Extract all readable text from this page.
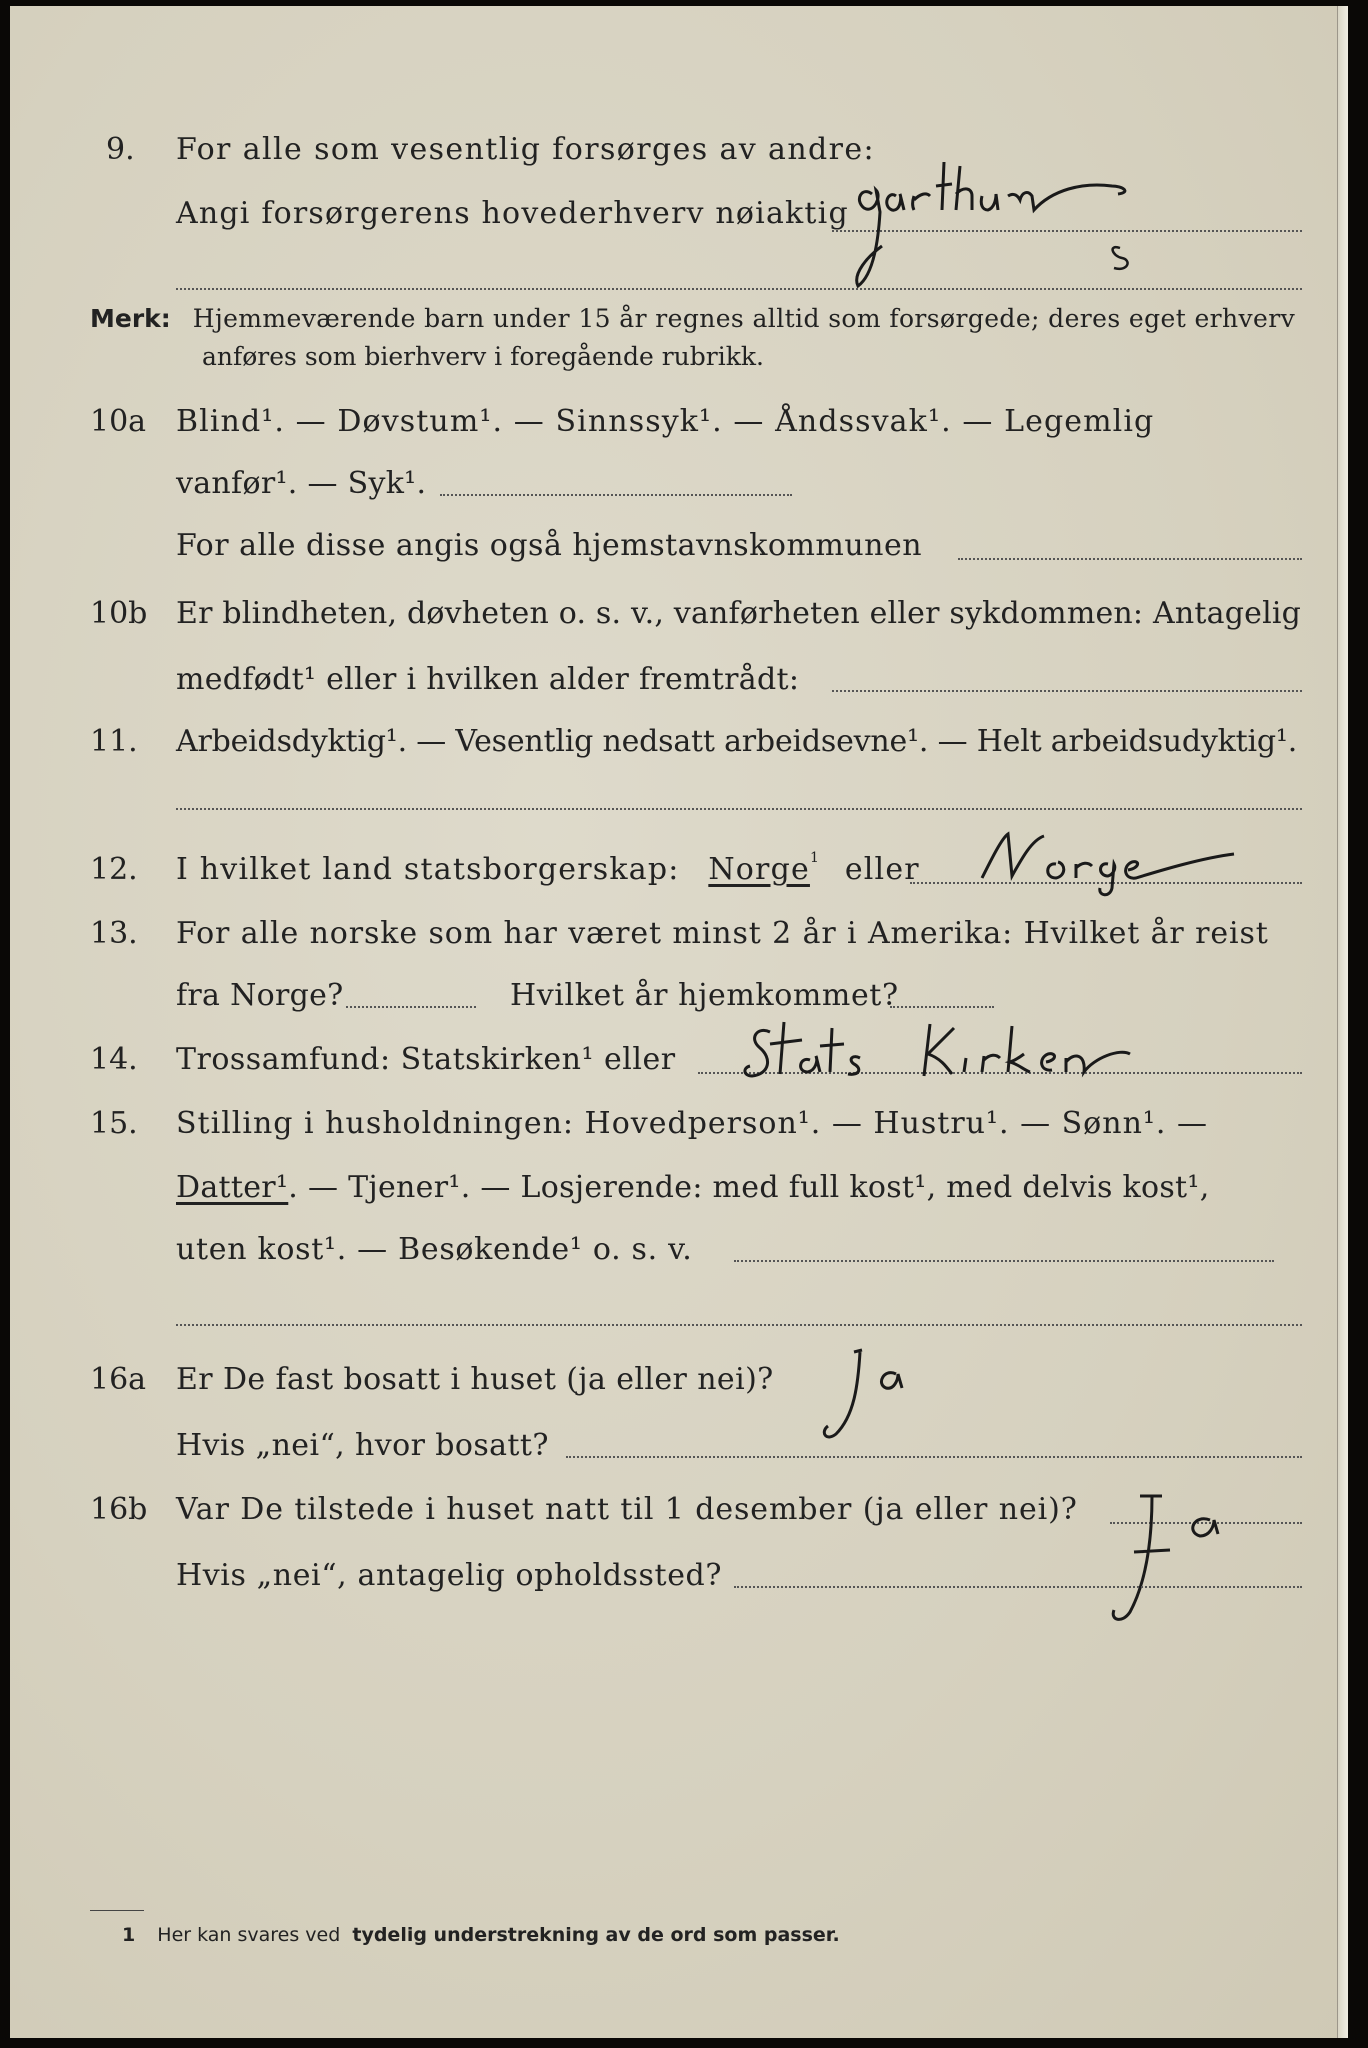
9. For alle som vesentlig forsørges av andre:
Angi forsørgerens hovederhverv nøiaktig
Merk: Hjemmeværende barn under 15 år regnes alltid som forsørgede; deres eget erhverv
anføres som bierhverv i foregående rubrikk.
10a Blind¹. — Døvstum¹. — Sinnssyk¹. — Åndssvak¹. — Legemlig
vanfør¹. — Syk¹.
For alle disse angis også hjemstavnskommunen
10b Er blindheten, døvheten o. s. v., vanførheten eller sykdommen: Antagelig
medfødt¹ eller i hvilken alder fremtrådt:
11. Arbeidsdyktig¹. — Vesentlig nedsatt arbeidsevne¹. — Helt arbeidsudyktig¹.
12. I hvilket land statsborgerskap: Norge$^1$ eller
13. For alle norske som har været minst 2 år i Amerika: Hvilket år reist
fra Norge?	Hvilket år hjemkommet?
14. Trossamfund: Statskirken¹ eller
15. Stilling i husholdningen: Hovedperson¹. — Hustru¹. — Sønn¹. —
Datter¹. — Tjener¹. — Losjerende: med full kost¹, med delvis kost¹,
uten kost¹. — Besøkende¹ o. s. v.
16a Er De fast bosatt i huset (ja eller nei)?
Hvis „nei“, hvor bosatt?
16b Var De tilstede i huset natt til 1 desember (ja eller nei)?
Hvis „nei“, antagelig opholdssted?
1 Her kan svares ved tydelig understrekning av de ord som passer.
